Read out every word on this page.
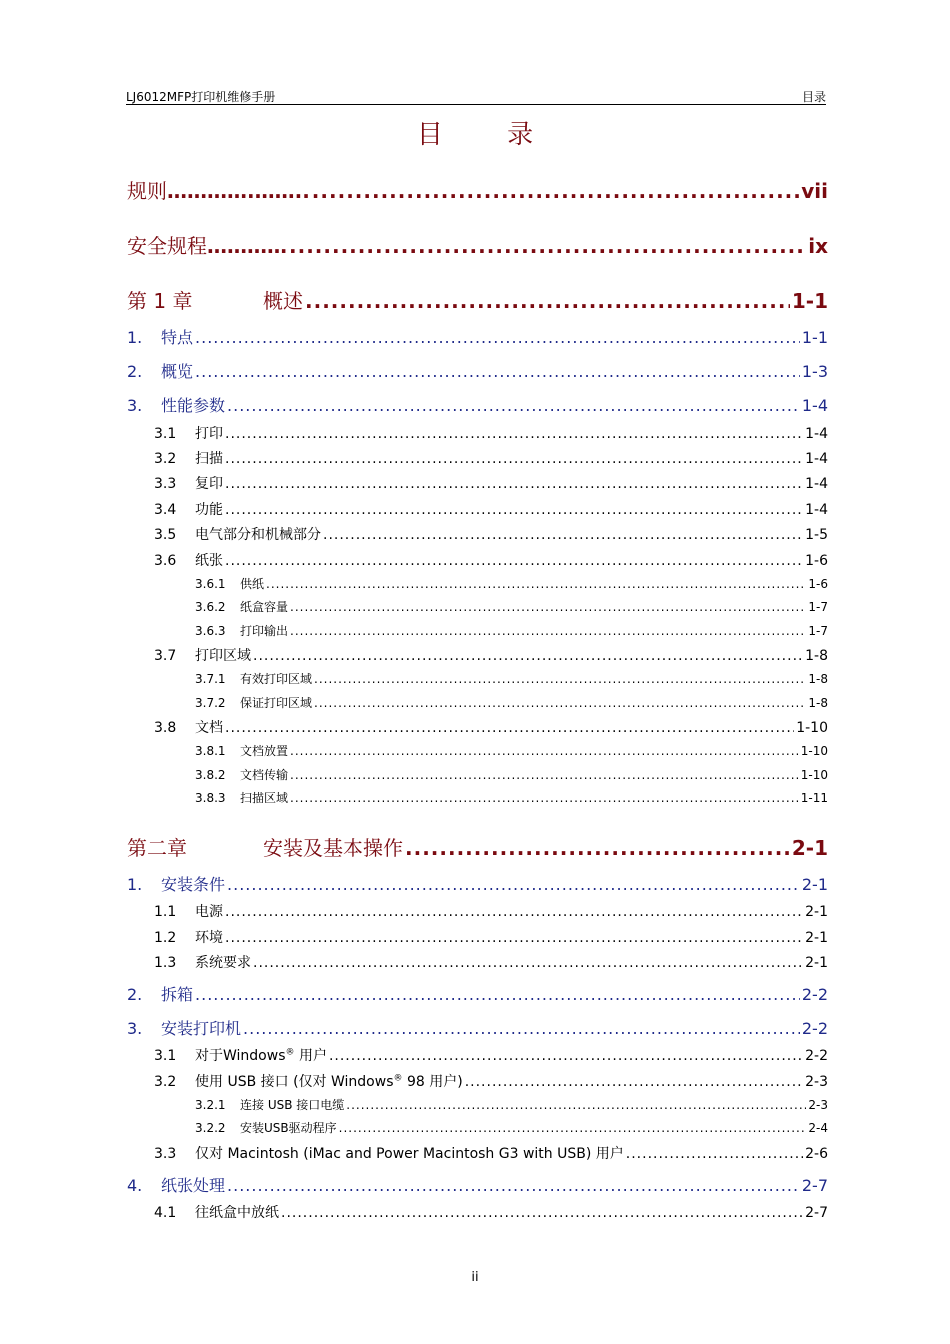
LJ6012MFP打印机维修手册	目录
目 录
规则 ………….…….. .....	vii
安全规程 ………… .....	ix
第 1 章	概述 .....	1-1
1.	特点 .....	1-1
2.	概览 .....	1-3
3.	性能参数 .....	1-4
3.1	打印 .....	1-4
3.2	扫描 .....	1-4
3.3	复印 .....	1-4
3.4	功能 .....	1-4
3.5	电气部分和机械部分 .....	1-5
3.6	纸张 .....	1-6
3.6.1	供纸 .....	1-6
3.6.2	纸盒容量 .....	1-7
3.6.3	打印输出 .....	1-7
3.7	打印区域 .....	1-8
3.7.1	有效打印区域 .....	1-8
3.7.2	保证打印区域 .....	1-8
3.8	文档 .....	1-10
3.8.1	文档放置 .....	1-10
3.8.2	文档传输 .....	1-10
3.8.3	扫描区域 .....	1-11
第二章	安装及基本操作 .....	2-1
1.	安装条件 .....	2-1
1.1	电源 .....	2-1
1.2	环境 .....	2-1
1.3	系统要求 .....	2-1
2.	拆箱 .....	2-2
3.	安装打印机 .....	2-2
3.1	对于Windows® 用户 .....	2-2
3.2	使用 USB 接口 (仅对 Windows® 98 用户) .....	2-3
3.2.1	连接 USB 接口电缆 .....	2-3
3.2.2	安装USB驱动程序 .....	2-4
3.3	仅对 Macintosh (iMac and Power Macintosh G3 with USB) 用户 .....	2-6
4.	纸张处理 .....	2-7
4.1	往纸盒中放纸 .....	2-7
ii
